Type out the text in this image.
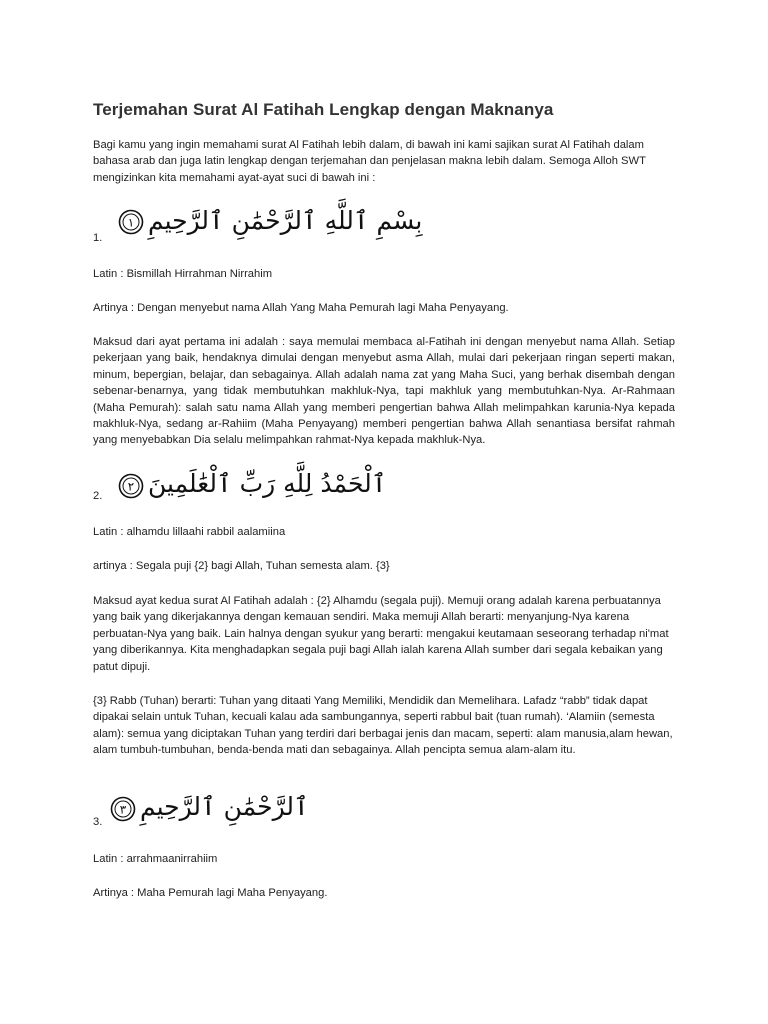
Terjemahan Surat Al Fatihah Lengkap dengan Maknanya

Bagi kamu yang ingin memahami surat Al Fatihah lebih dalam, di bawah ini kami sajikan surat Al Fatihah dalam bahasa arab dan juga latin lengkap dengan terjemahan dan penjelasan makna lebih dalam. Semoga Alloh SWT mengizinkan kita memahami ayat-ayat suci di bawah ini :

1.
١ بِسْمِ ٱللَّهِ ٱلرَّحْمَٰنِ ٱلرَّحِيمِ

Latin : Bismillah Hirrahman Nirrahim

Artinya : Dengan menyebut nama Allah Yang Maha Pemurah lagi Maha Penyayang.

Maksud dari ayat pertama ini adalah : saya memulai membaca al-Fatihah ini dengan menyebut nama Allah. Setiap pekerjaan yang baik, hendaknya dimulai dengan menyebut asma Allah, mulai dari pekerjaan ringan seperti makan, minum, bepergian, belajar, dan sebagainya. Allah adalah nama zat yang Maha Suci, yang berhak disembah dengan sebenar-benarnya, yang tidak membutuhkan makhluk-Nya, tapi makhluk yang membutuhkan-Nya. Ar-Rahmaan (Maha Pemurah): salah satu nama Allah yang memberi pengertian bahwa Allah melimpahkan karunia-Nya kepada makhluk-Nya, sedang ar-Rahiim (Maha Penyayang) memberi pengertian bahwa Allah senantiasa bersifat rahmah yang menyebabkan Dia selalu melimpahkan rahmat-Nya kepada makhluk-Nya.

2.
٢ ٱلْحَمْدُ لِلَّهِ رَبِّ ٱلْعَٰلَمِينَ

Latin : alhamdu lillaahi rabbil aalamiina

artinya : Segala puji {2} bagi Allah, Tuhan semesta alam. {3}

Maksud ayat kedua surat Al Fatihah adalah : {2} Alhamdu (segala puji). Memuji orang adalah karena perbuatannya yang baik yang dikerjakannya dengan kemauan sendiri. Maka memuji Allah berarti: menyanjung-Nya karena perbuatan-Nya yang baik. Lain halnya dengan syukur yang berarti: mengakui keutamaan seseorang terhadap ni'mat yang diberikannya. Kita menghadapkan segala puji bagi Allah ialah karena Allah sumber dari segala kebaikan yang patut dipuji.

{3} Rabb (Tuhan) berarti: Tuhan yang ditaati Yang Memiliki, Mendidik dan Memelihara. Lafadz “rabb” tidak dapat dipakai selain untuk Tuhan, kecuali kalau ada sambungannya, seperti rabbul bait (tuan rumah). ‘Alamiin (semesta alam): semua yang diciptakan Tuhan yang terdiri dari berbagai jenis dan macam, seperti: alam manusia,alam hewan, alam tumbuh-tumbuhan, benda-benda mati dan sebagainya. Allah pencipta semua alam-alam itu.

3.
٣ ٱلرَّحْمَٰنِ ٱلرَّحِيمِ

Latin : arrahmaanirrahiim

Artinya : Maha Pemurah lagi Maha Penyayang.
